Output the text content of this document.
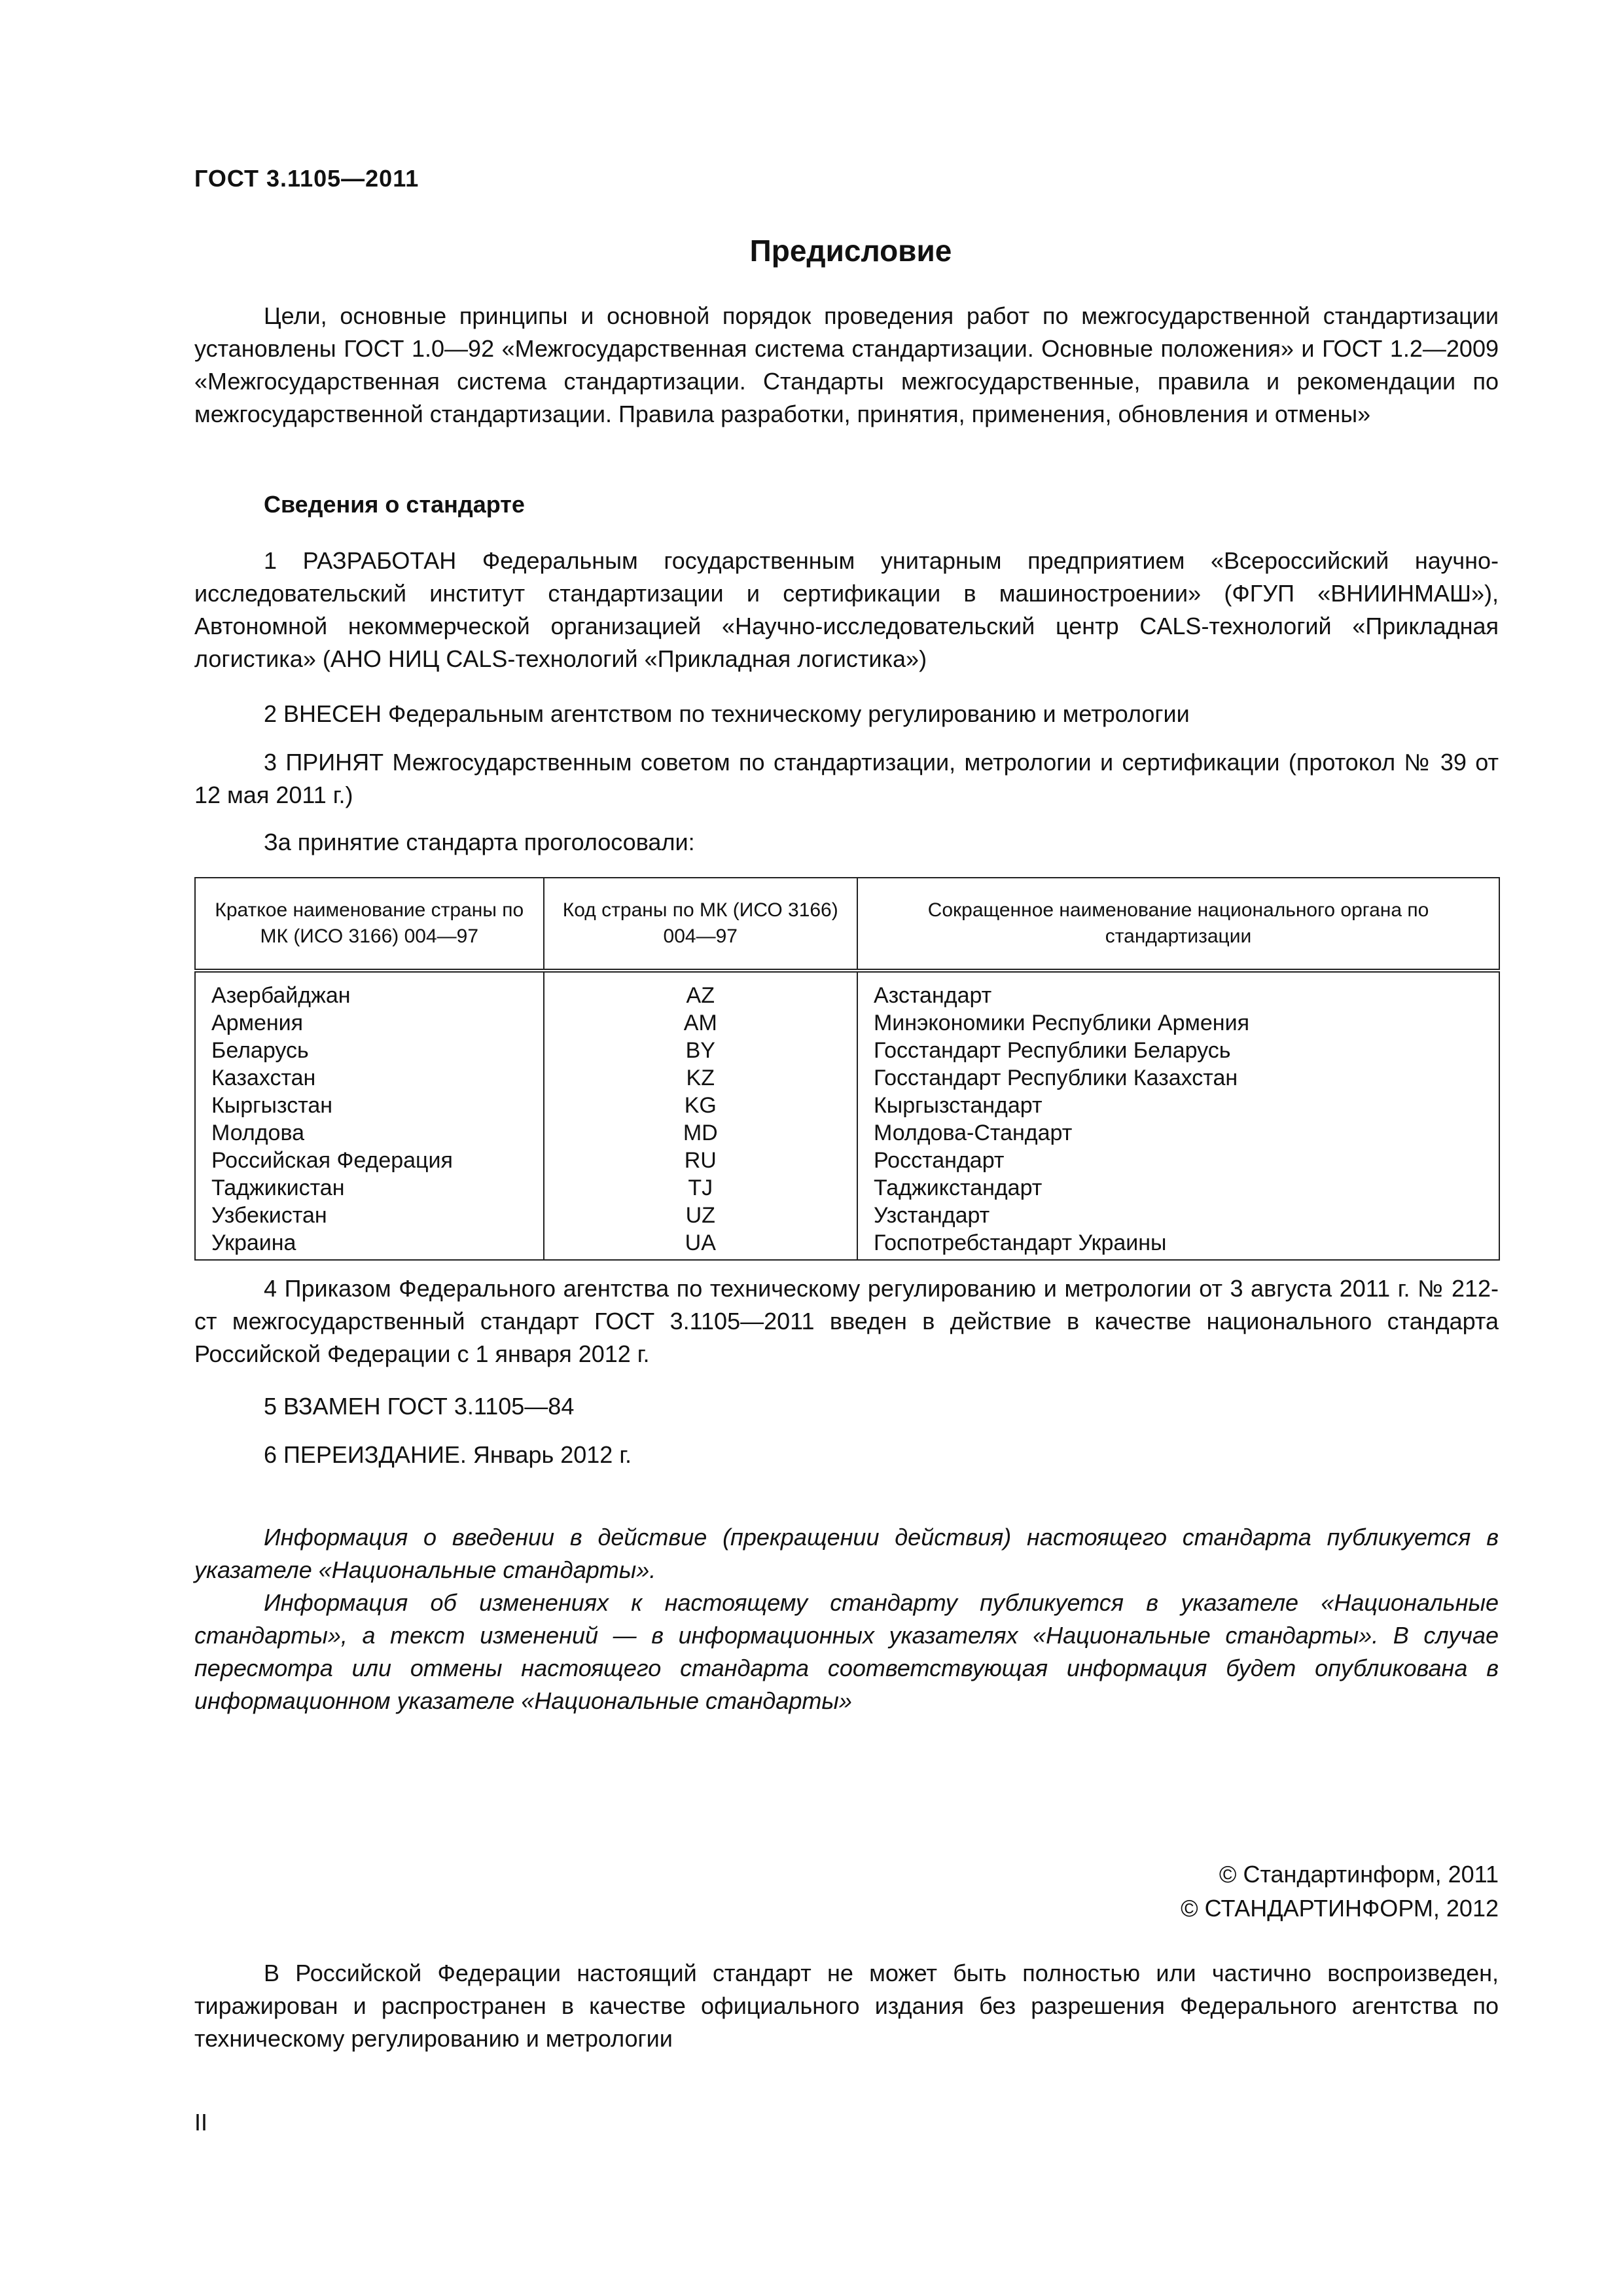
ГОСТ 3.1105—2011
Предисловие

Цели, основные принципы и основной порядок проведения работ по межгосударственной стандартизации установлены ГОСТ 1.0—92 «Межгосударственная система стандартизации. Основные положения» и ГОСТ 1.2—2009 «Межгосударственная система стандартизации. Стандарты межгосударственные, правила и рекомендации по межгосударственной стандартизации. Правила разработки, принятия, применения, обновления и отмены»

Сведения о стандарте

1 РАЗРАБОТАН Федеральным государственным унитарным предприятием «Всероссийский научно-исследовательский институт стандартизации и сертификации в машиностроении» (ФГУП «ВНИИНМАШ»), Автономной некоммерческой организацией «Научно-исследовательский центр CALS-технологий «Прикладная логистика» (АНО НИЦ CALS-технологий «Прикладная логистика»)

2 ВНЕСЕН Федеральным агентством по техническому регулированию и метрологии

3 ПРИНЯТ Межгосударственным советом по стандартизации, метрологии и сертификации (протокол № 39 от 12 мая 2011 г.)

За принятие стандарта проголосовали:

Краткое наименование страны по МК (ИСО 3166) 004—97	Код страны по МК (ИСО 3166) 004—97	Сокращенное наименование национального органа по стандартизации
Азербайджан	AZ	Азстандарт
Армения	AM	Минэкономики Республики Армения
Беларусь	BY	Госстандарт Республики Беларусь
Казахстан	KZ	Госстандарт Республики Казахстан
Кыргызстан	KG	Кыргызстандарт
Молдова	MD	Молдова-Стандарт
Российская Федерация	RU	Росстандарт
Таджикистан	TJ	Таджикстандарт
Узбекистан	UZ	Узстандарт
Украина	UA	Госпотребстандарт Украины

4 Приказом Федерального агентства по техническому регулированию и метрологии от 3 августа 2011 г. № 212-ст межгосударственный стандарт ГОСТ 3.1105—2011 введен в действие в качестве национального стандарта Российской Федерации с 1 января 2012 г.

5 ВЗАМЕН ГОСТ 3.1105—84

6 ПЕРЕИЗДАНИЕ. Январь 2012 г.

Информация о введении в действие (прекращении действия) настоящего стандарта публикуется в указателе «Национальные стандарты».

Информация об изменениях к настоящему стандарту публикуется в указателе «Национальные стандарты», а текст изменений — в информационных указателях «Национальные стандарты». В случае пересмотра или отмены настоящего стандарта соответствующая информация будет опубликована в информационном указателе «Национальные стандарты»

© Стандартинформ, 2011
© СТАНДАРТИНФОРМ, 2012

В Российской Федерации настоящий стандарт не может быть полностью или частично воспроизведен, тиражирован и распространен в качестве официального издания без разрешения Федерального агентства по техническому регулированию и метрологии

II
